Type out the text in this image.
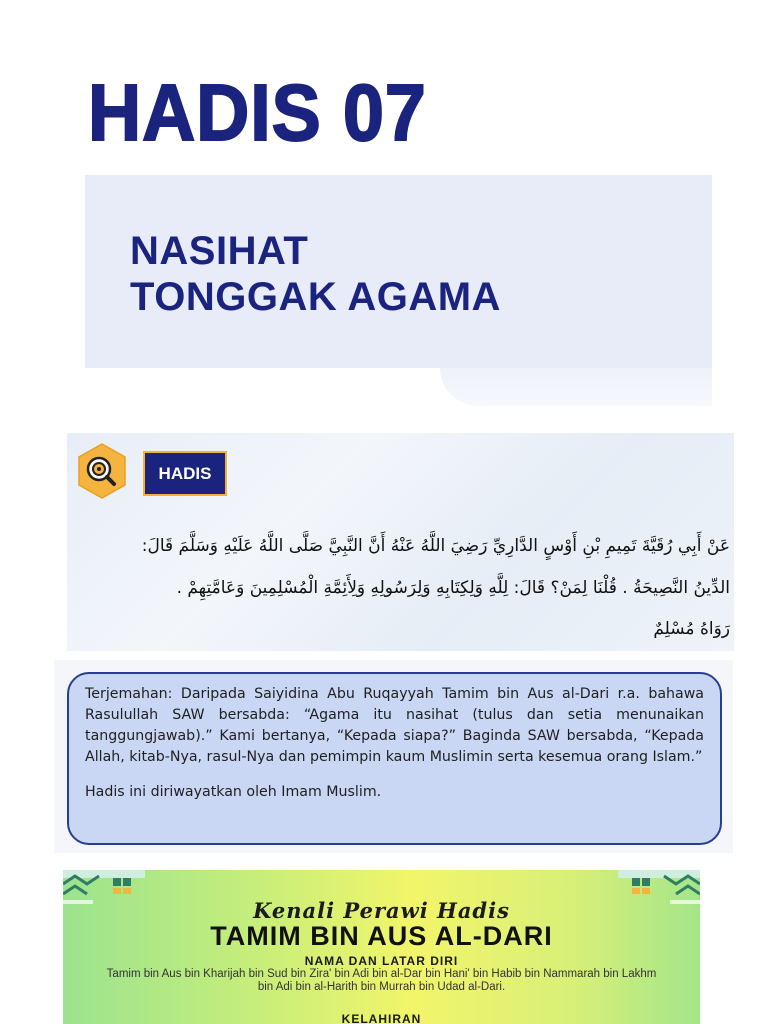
HADIS 07

NASIHAT
TONGGAK AGAMA

HADIS

عَنْ أَبِي رُقَيَّةَ تَمِيمِ بْنِ أَوْسٍ الدَّارِيِّ رَضِيَ اللَّهُ عَنْهُ أَنَّ النَّبِيَّ صَلَّى اللَّهُ عَلَيْهِ وَسَلَّمَ قَالَ:

الدِّينُ النَّصِيحَةُ . قُلْنَا لِمَنْ؟ قَالَ: لِلَّهِ وَلِكِتَابِهِ وَلِرَسُولِهِ وَلِأَئِمَّةِ الْمُسْلِمِينَ وَعَامَّتِهِمْ .

رَوَاهُ مُسْلِمٌ

Terjemahan: Daripada Saiyidina Abu Ruqayyah Tamim bin Aus al-Dari r.a. bahawa Rasulullah SAW bersabda: “Agama itu nasihat (tulus dan setia menunaikan tanggungjawab).” Kami bertanya, “Kepada siapa?” Baginda SAW bersabda, “Kepada Allah, kitab-Nya, rasul-Nya dan pemimpin kaum Muslimin serta kesemua orang Islam.”

Hadis ini diriwayatkan oleh Imam Muslim.

Kenali Perawi Hadis

TAMIM BIN AUS AL-DARI

NAMA DAN LATAR DIRI

Tamim bin Aus bin Kharijah bin Sud bin Zira' bin Adi bin al-Dar bin Hani' bin Habib bin Nammarah bin Lakhm bin Adi bin al-Harith bin Murrah bin Udad al-Dari.

KELAHIRAN
